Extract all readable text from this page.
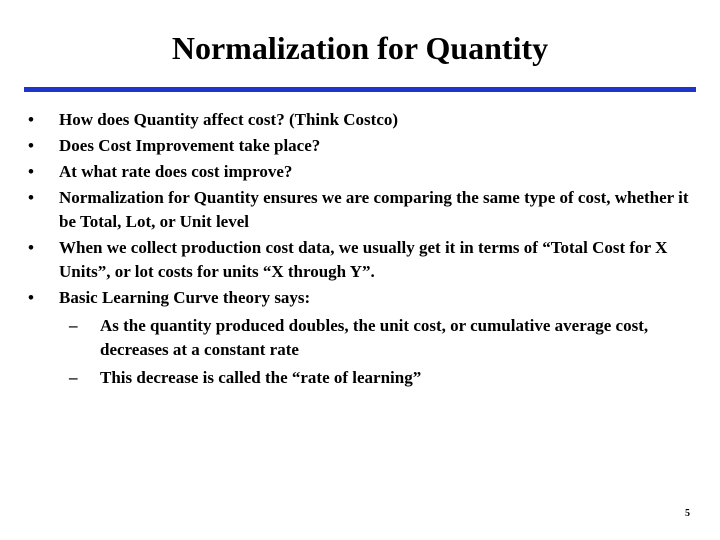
Normalization for Quantity
•	How does Quantity affect cost? (Think Costco)
•	Does Cost Improvement take place?
•	At what rate does cost improve?
•	Normalization for Quantity ensures we are comparing the same type of cost, whether it be Total, Lot, or Unit level
•	When we collect production cost data, we usually get it in terms of “Total Cost for X Units”, or lot costs for units “X through Y”.
•	Basic Learning Curve theory says:
– As the quantity produced doubles, the unit cost, or cumulative average cost, decreases at a constant rate
– This decrease is called the “rate of learning”
5
